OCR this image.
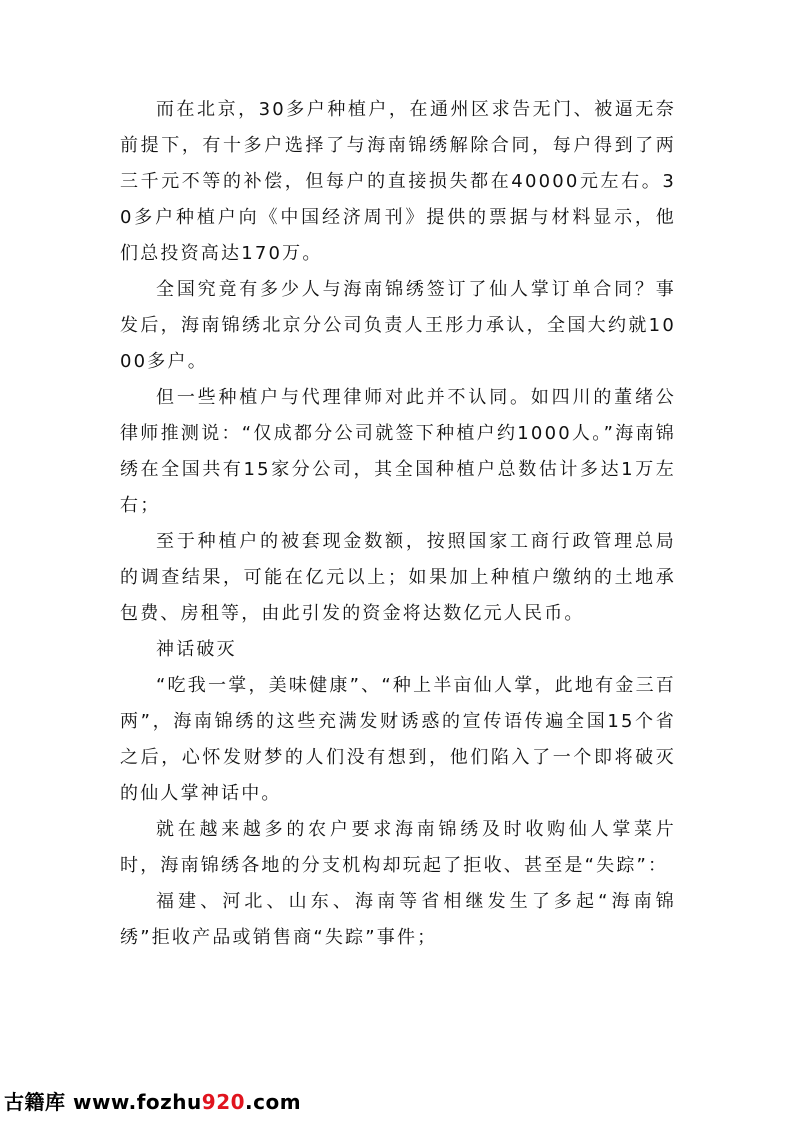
而在北京，30多户种植户，在通州区求告无门、被逼无奈前提下，有十多户选择了与海南锦绣解除合同，每户得到了两三千元不等的补偿，但每户的直接损失都在40000元左右。30多户种植户向《中国经济周刊》提供的票据与材料显示，他们总投资高达170万。

全国究竟有多少人与海南锦绣签订了仙人掌订单合同？事发后，海南锦绣北京分公司负责人王彤力承认，全国大约就1000多户。

但一些种植户与代理律师对此并不认同。如四川的董绪公律师推测说：“仅成都分公司就签下种植户约1000人。”海南锦绣在全国共有15家分公司，其全国种植户总数估计多达1万左右；

至于种植户的被套现金数额，按照国家工商行政管理总局的调查结果，可能在亿元以上；如果加上种植户缴纳的土地承包费、房租等，由此引发的资金将达数亿元人民币。

神话破灭

“吃我一掌，美味健康”、“种上半亩仙人掌，此地有金三百两”，海南锦绣的这些充满发财诱惑的宣传语传遍全国15个省之后，心怀发财梦的人们没有想到，他们陷入了一个即将破灭的仙人掌神话中。

就在越来越多的农户要求海南锦绣及时收购仙人掌菜片时，海南锦绣各地的分支机构却玩起了拒收、甚至是“失踪”：

福建、河北、山东、海南等省相继发生了多起“海南锦绣”拒收产品或销售商“失踪”事件；

古籍库 www.fozhu920.com
